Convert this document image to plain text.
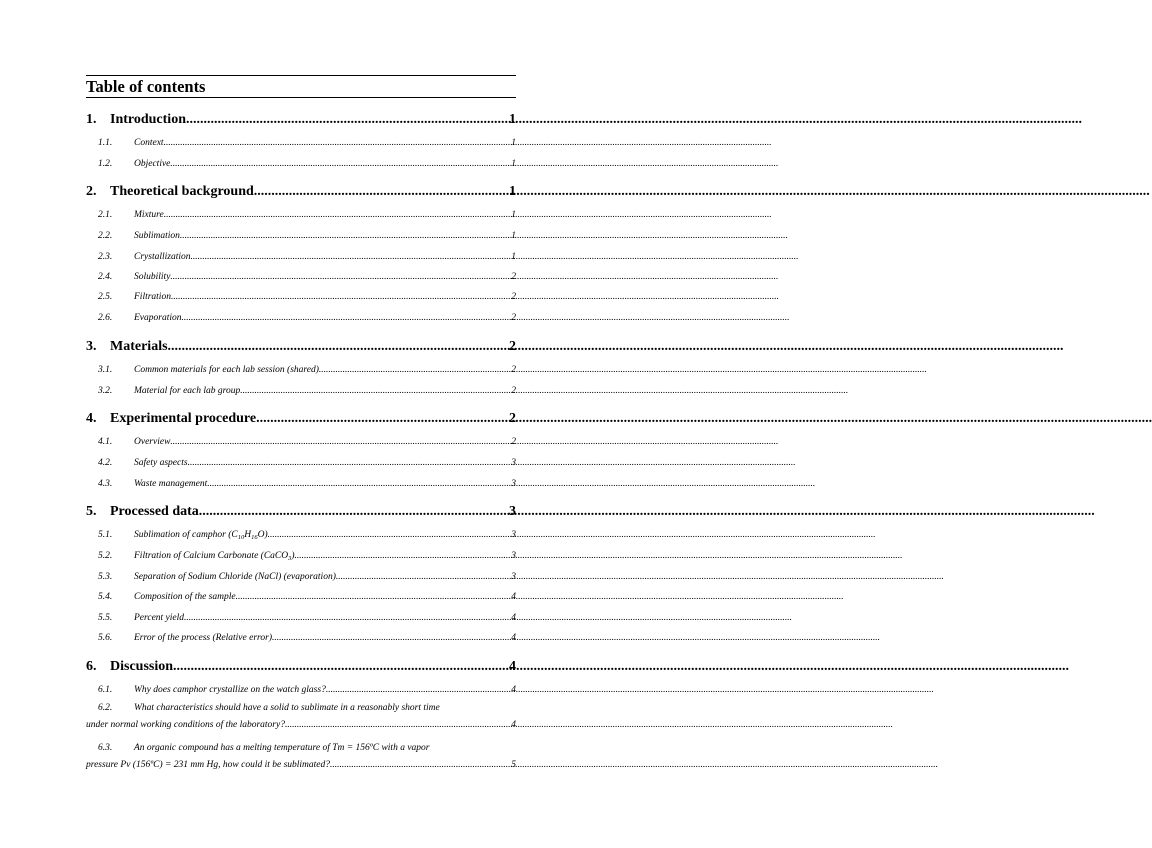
Table of contents
1. Introduction .....	1
1.1.	Context .....	1
1.2.	Objective .....	1
2. Theoretical background .....	1
2.1.	Mixture .....	1
2.2.	Sublimation .....	1
2.3.	Crystallization .....	1
2.4.	Solubility .....	2
2.5.	Filtration .....	2
2.6.	Evaporation .....	2
3. Materials .....	2
3.1.	Common materials for each lab session (shared) .....	2
3.2.	Material for each lab group .....	2
4. Experimental procedure .....	2
4.1.	Overview .....	2
4.2.	Safety aspects .....	3
4.3.	Waste management .....	3
5. Processed data .....	3
5.1.	Sublimation of camphor $(C_{10}H_{16}O)$ .....	3
5.2.	Filtration of Calcium Carbonate (CaCO$_3$) .....	3
5.3.	Separation of Sodium Chloride (NaCl) (evaporation) .....	3
5.4.	Composition of the sample .....	4
5.5.	Percent yield .....	4
5.6.	Error of the process (Relative error) .....	4
6. Discussion .....	4
6.1.	Why does camphor crystallize on the watch glass? .....	4
6.2.	What characteristics should have a solid to sublimate in a reasonably short time
under normal working conditions of the laboratory? .....	4
6.3.	An organic compound has a melting temperature of Tm = 156ºC with a vapor
pressure Pv (156ºC) = 231 mm Hg, how could it be sublimated? .....	5
